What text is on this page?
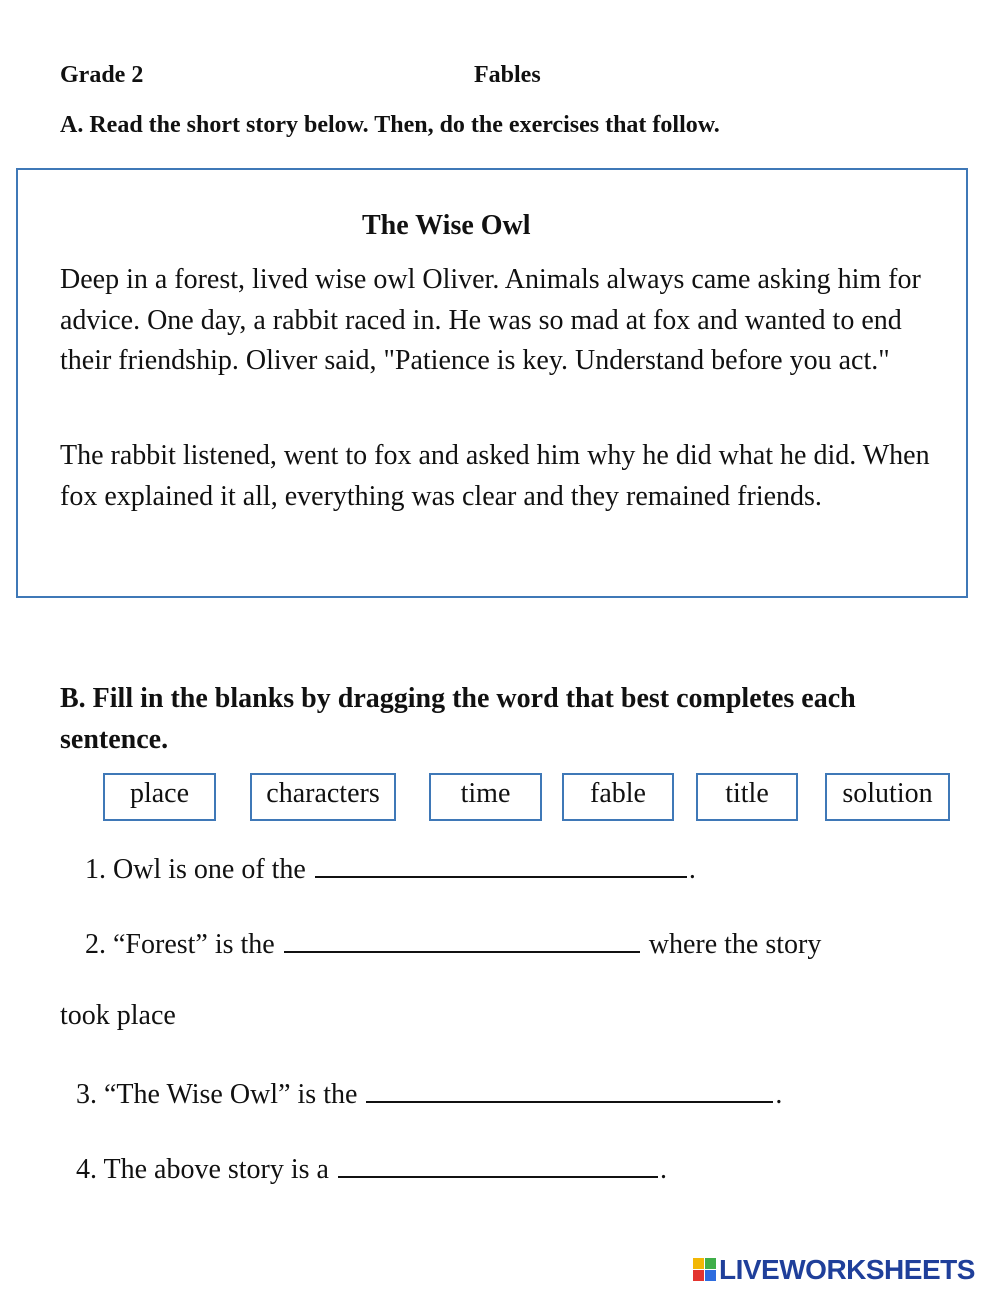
Grade 2	Fables
A. Read the short story below. Then, do the exercises that follow.
The Wise Owl
Deep in a forest, lived wise owl Oliver. Animals always came asking him for advice. One day, a rabbit raced in. He was so mad at fox and wanted to end their friendship. Oliver said, "Patience is key. Understand before you act."
The rabbit listened, went to fox and asked him why he did what he did. When fox explained it all, everything was clear and they remained friends.
B. Fill in the blanks by dragging the word that best completes each sentence.
place	characters	time	fable	title	solution
1. Owl is one of the	.
2. “Forest” is the	where the story
took place
3. “The Wise Owl” is the	.
4. The above story is a	.
LIVEWORKSHEETS
